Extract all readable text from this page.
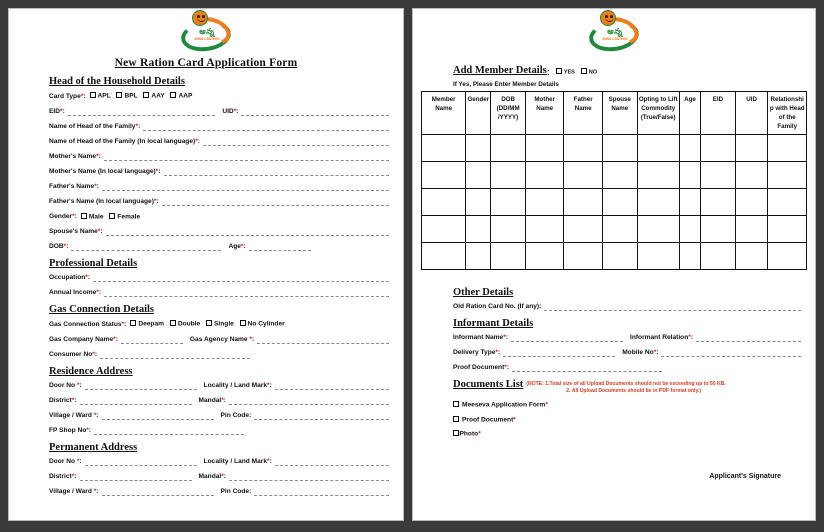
అన్న
ANNA CANTEEN
New Ration Card Application Form
Head of the Household Details
Card Type*:	APL BPL AAY AAP
EID*:	UID*:
Name of Head of the Family*:
Name of Head of the Family (In local language)*:
Mother's Name*:
Mother's Name (In local language)*:
Father's Name*:
Father's Name (In local language)*:
Gender*:	Male Female
Spouse's Name*:
DOB*:	Age*:
Professional Details
Occupation*:
Annual Income*:
Gas Connection Details
Gas Connection Status*:	Deepam Double Single No Cylinder
Gas Company Name*:	Gas Agency Name *:
Consumer No*:
Residence Address
Door No *:	Locality / Land Mark*:
District*:	Mandal*:
Village / Ward *:	Pin Code:
FP Shop No*:
Permanent Address
Door No *:	Locality / Land Mark*:
District*:	Mandal*:
Village / Ward *:	Pin Code:
అన్న
ANNA CANTEEN
Add Member Details :	YES NO
If Yes, Please Enter Member Details
Member Name	Gender	DOB (DD/MM /YYYY)	Mother Name	Father Name	Spouse Name	Opting to Lift Commodity (True/False)	Age	EID	UID	Relationship with Head of the Family

Other Details
Old Ration Card No. (If any):
Informant Details
Informant Name*:	Informant Relation*:
Delivery Type*:	Mobile No*:
Proof Document*:
Documents List (NOTE: 1.Total size of all Upload Documents should not be exceeding up to 50 KB.
2. All Upload Documents should be in PDF format only.)
Meeseva Application Form*
Proof Document*
Photo*
Applicant's Signature
